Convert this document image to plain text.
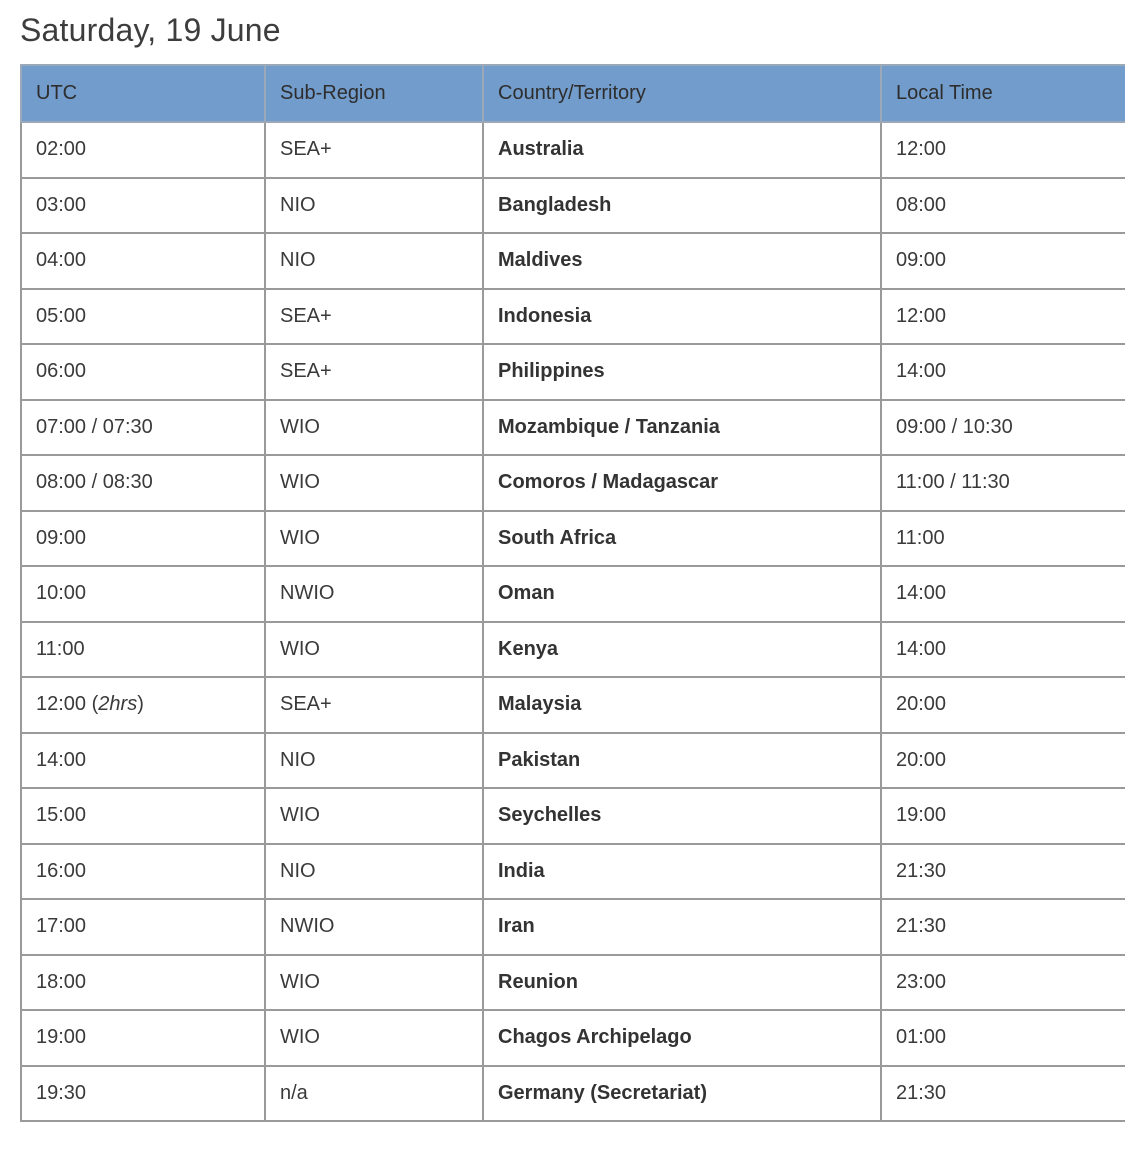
Saturday, 19 June
UTC	Sub-Region	Country/Territory	Local Time
02:00	SEA+	Australia	12:00
03:00	NIO	Bangladesh	08:00
04:00	NIO	Maldives	09:00
05:00	SEA+	Indonesia	12:00
06:00	SEA+	Philippines	14:00
07:00 / 07:30	WIO	Mozambique / Tanzania	09:00 / 10:30
08:00 / 08:30	WIO	Comoros / Madagascar	11:00 / 11:30
09:00	WIO	South Africa	11:00
10:00	NWIO	Oman	14:00
11:00	WIO	Kenya	14:00
12:00 (2hrs)	SEA+	Malaysia	20:00
14:00	NIO	Pakistan	20:00
15:00	WIO	Seychelles	19:00
16:00	NIO	India	21:30
17:00	NWIO	Iran	21:30
18:00	WIO	Reunion	23:00
19:00	WIO	Chagos Archipelago	01:00
19:30	n/a	Germany (Secretariat)	21:30
